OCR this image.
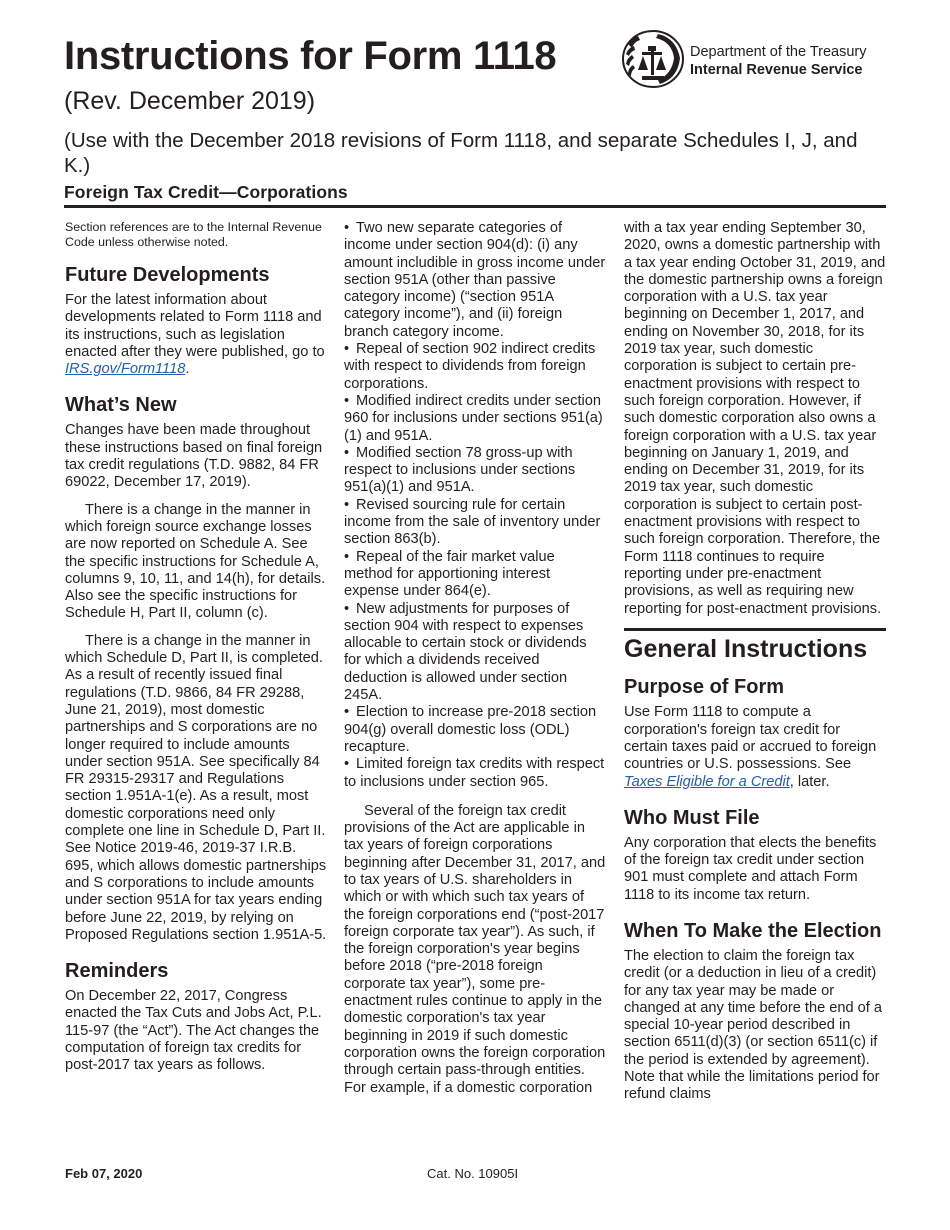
Instructions for Form 1118
(Rev. December 2019)
(Use with the December 2018 revisions of Form 1118, and separate Schedules I, J, and K.)
Foreign Tax Credit—Corporations
Department of the Treasury
Internal Revenue Service

Section references are to the Internal Revenue Code unless otherwise noted.

Future Developments

For the latest information about developments related to Form 1118 and its instructions, such as legislation enacted after they were published, go to IRS.gov/Form1118.

What’s New

Changes have been made throughout these instructions based on final foreign tax credit regulations (T.D. 9882, 84 FR 69022, December 17, 2019).

There is a change in the manner in which foreign source exchange losses are now reported on Schedule A. See the specific instructions for Schedule A, columns 9, 10, 11, and 14(h), for details. Also see the specific instructions for Schedule H, Part II, column (c).

There is a change in the manner in which Schedule D, Part II, is completed. As a result of recently issued final regulations (T.D. 9866, 84 FR 29288, June 21, 2019), most domestic partnerships and S corporations are no longer required to include amounts under section 951A. See specifically 84 FR 29315-29317 and Regulations section 1.951A-1(e). As a result, most domestic corporations need only complete one line in Schedule D, Part II. See Notice 2019-46, 2019-37 I.R.B. 695, which allows domestic partnerships and S corporations to include amounts under section 951A for tax years ending before June 22, 2019, by relying on Proposed Regulations section 1.951A-5.

Reminders

On December 22, 2017, Congress enacted the Tax Cuts and Jobs Act, P.L. 115-97 (the “Act”). The Act changes the computation of foreign tax credits for post-2017 tax years as follows.

• Two new separate categories of income under section 904(d): (i) any amount includible in gross income under section 951A (other than passive category income) (“section 951A category income”), and (ii) foreign branch category income.

• Repeal of section 902 indirect credits with respect to dividends from foreign corporations.

• Modified indirect credits under section 960 for inclusions under sections 951(a)(1) and 951A.

• Modified section 78 gross-up with respect to inclusions under sections 951(a)(1) and 951A.

• Revised sourcing rule for certain income from the sale of inventory under section 863(b).

• Repeal of the fair market value method for apportioning interest expense under 864(e).

• New adjustments for purposes of section 904 with respect to expenses allocable to certain stock or dividends for which a dividends received deduction is allowed under section 245A.

• Election to increase pre-2018 section 904(g) overall domestic loss (ODL) recapture.

• Limited foreign tax credits with respect to inclusions under section 965.

Several of the foreign tax credit provisions of the Act are applicable in tax years of foreign corporations beginning after December 31, 2017, and to tax years of U.S. shareholders in which or with which such tax years of the foreign corporations end (“post-2017 foreign corporate tax year”). As such, if the foreign corporation's year begins before 2018 (“pre-2018 foreign corporate tax year”), some pre-enactment rules continue to apply in the domestic corporation's tax year beginning in 2019 if such domestic corporation owns the foreign corporation through certain pass-through entities. For example, if a domestic corporation

with a tax year ending September 30, 2020, owns a domestic partnership with a tax year ending October 31, 2019, and the domestic partnership owns a foreign corporation with a U.S. tax year beginning on December 1, 2017, and ending on November 30, 2018, for its 2019 tax year, such domestic corporation is subject to certain pre-enactment provisions with respect to such foreign corporation. However, if such domestic corporation also owns a foreign corporation with a U.S. tax year beginning on January 1, 2019, and ending on December 31, 2019, for its 2019 tax year, such domestic corporation is subject to certain post-enactment provisions with respect to such foreign corporation. Therefore, the Form 1118 continues to require reporting under pre-enactment provisions, as well as requiring new reporting for post-enactment provisions.

General Instructions
Purpose of Form

Use Form 1118 to compute a corporation's foreign tax credit for certain taxes paid or accrued to foreign countries or U.S. possessions. See Taxes Eligible for a Credit, later.

Who Must File

Any corporation that elects the benefits of the foreign tax credit under section 901 must complete and attach Form 1118 to its income tax return.

When To Make the Election

The election to claim the foreign tax credit (or a deduction in lieu of a credit) for any tax year may be made or changed at any time before the end of a special 10-year period described in section 6511(d)(3) (or section 6511(c) if the period is extended by agreement). Note that while the limitations period for refund claims

Feb 07, 2020	Cat. No. 10905I
